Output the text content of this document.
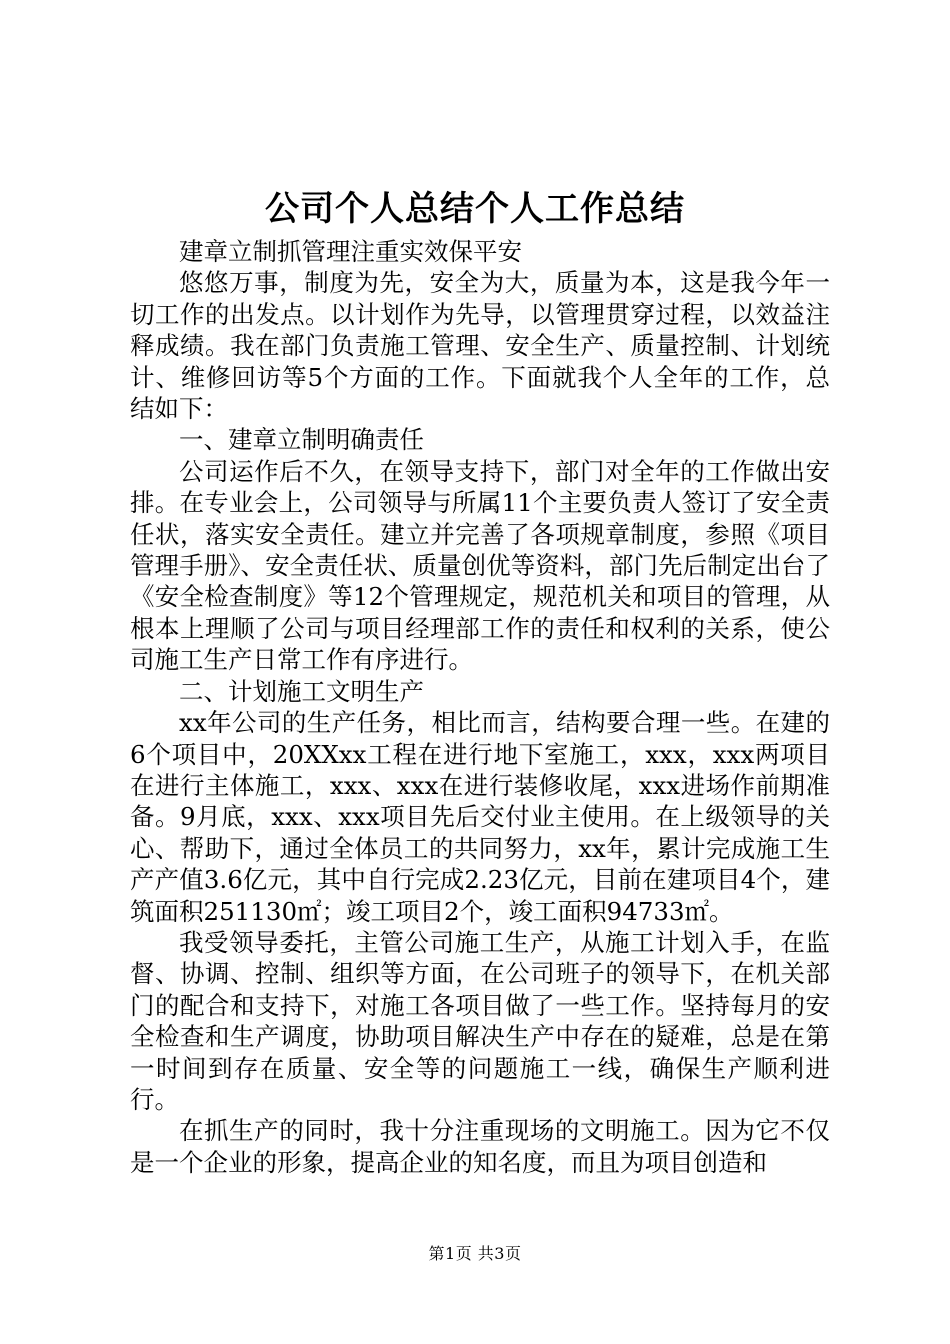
公司个人总结个人工作总结

建章立制抓管理注重实效保平安

悠悠万事，制度为先，安全为大，质量为本，这是我今年一切工作的出发点。以计划作为先导，以管理贯穿过程，以效益注释成绩。我在部门负责施工管理、安全生产、质量控制、计划统计、维修回访等5个方面的工作。下面就我个人全年的工作，总结如下：

一、建章立制明确责任

公司运作后不久，在领导支持下，部门对全年的工作做出安排。在专业会上，公司领导与所属11个主要负责人签订了安全责任状，落实安全责任。建立并完善了各项规章制度，参照《项目管理手册》、安全责任状、质量创优等资料，部门先后制定出台了《安全检查制度》等12个管理规定，规范机关和项目的管理，从根本上理顺了公司与项目经理部工作的责任和权利的关系，使公司施工生产日常工作有序进行。

二、计划施工文明生产

xx年公司的生产任务，相比而言，结构要合理一些。在建的6个项目中，20XXxx工程在进行地下室施工，xxx，xxx两项目在进行主体施工，xxx、xxx在进行装修收尾，xxx进场作前期准备。9月底，xxx、xxx项目先后交付业主使用。在上级领导的关心、帮助下，通过全体员工的共同努力，xx年，累计完成施工生产产值3.6亿元，其中自行完成2.23亿元，目前在建项目4个，建筑面积251130㎡；竣工项目2个，竣工面积94733㎡。

我受领导委托，主管公司施工生产，从施工计划入手，在监督、协调、控制、组织等方面，在公司班子的领导下，在机关部门的配合和支持下，对施工各项目做了一些工作。坚持每月的安全检查和生产调度，协助项目解决生产中存在的疑难，总是在第一时间到存在质量、安全等的问题施工一线，确保生产顺利进行。

在抓生产的同时，我十分注重现场的文明施工。因为它不仅是一个企业的形象，提高企业的知名度，而且为项目创造和

第1页 共3页
